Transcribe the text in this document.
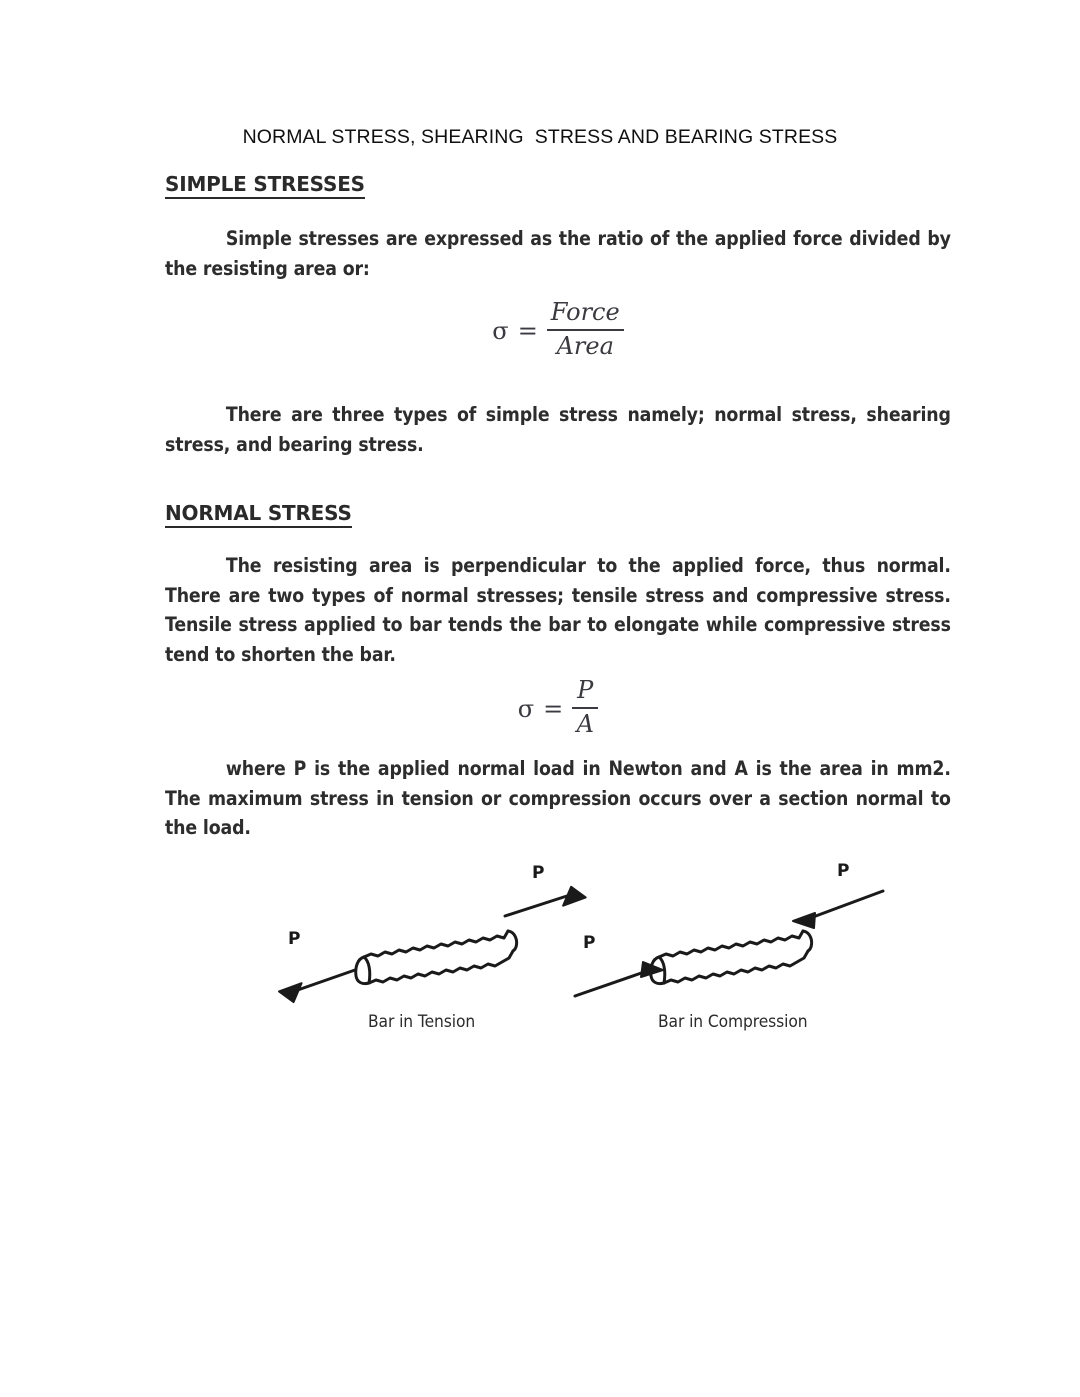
NORMAL STRESS, SHEARING  STRESS AND BEARING STRESS
SIMPLE STRESSES
Simple stresses are expressed as the ratio of the applied force divided by the resisting area or:
$\sigma = \frac{\text{Force}}{\text{Area}}$
There are three types of simple stress namely; normal stress, shearing stress, and bearing stress.
NORMAL STRESS
The resisting area is perpendicular to the applied force, thus normal. There are two types of normal stresses; tensile stress and compressive stress. Tensile stress applied to bar tends the bar to elongate while compressive stress tend to shorten the bar.
$\sigma = \frac{P}{A}$
where P is the applied normal load in Newton and A is the area in mm2. The maximum stress in tension or compression occurs over a section normal to the load.
P
P
P
P
Bar in Tension	Bar in Compression
